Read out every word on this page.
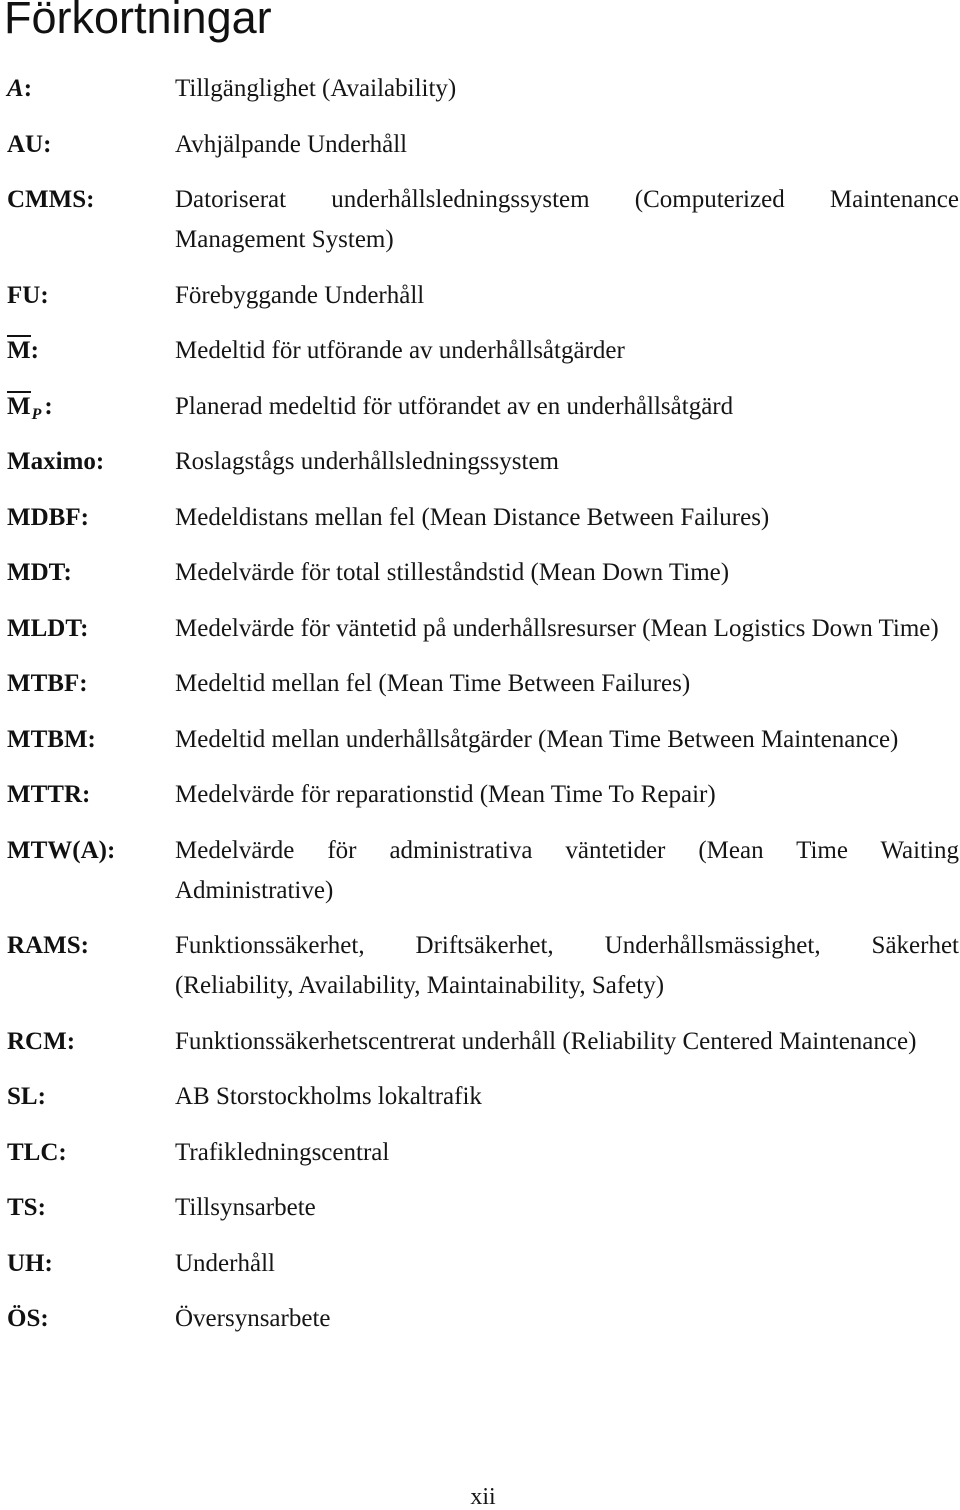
Förkortningar
A:	Tillgänglighet (Availability)
AU:	Avhjälpande Underhåll
CMMS:	Datoriserat underhållsledningssystem (Computerized Maintenance
Management System)
FU:	Förebyggande Underhåll
M:	Medeltid för utförande av underhållsåtgärder
$M_P$ :	Planerad medeltid för utförandet av en underhållsåtgärd
Maximo:	Roslagstågs underhållsledningssystem
MDBF:	Medeldistans mellan fel (Mean Distance Between Failures)
MDT:	Medelvärde för total stilleståndstid (Mean Down Time)
MLDT:	Medelvärde för väntetid på underhållsresurser (Mean Logistics Down Time)
MTBF:	Medeltid mellan fel (Mean Time Between Failures)
MTBM:	Medeltid mellan underhållsåtgärder (Mean Time Between Maintenance)
MTTR:	Medelvärde för reparationstid (Mean Time To Repair)
MTW(A):	Medelvärde för administrativa väntetider (Mean Time Waiting
Administrative)
RAMS:	Funktionssäkerhet, Driftsäkerhet, Underhållsmässighet, Säkerhet
(Reliability, Availability, Maintainability, Safety)
RCM:	Funktionssäkerhetscentrerat underhåll (Reliability Centered Maintenance)
SL:	AB Storstockholms lokaltrafik
TLC:	Trafikledningscentral
TS:	Tillsynsarbete
UH:	Underhåll
ÖS:	Översynsarbete
xii
